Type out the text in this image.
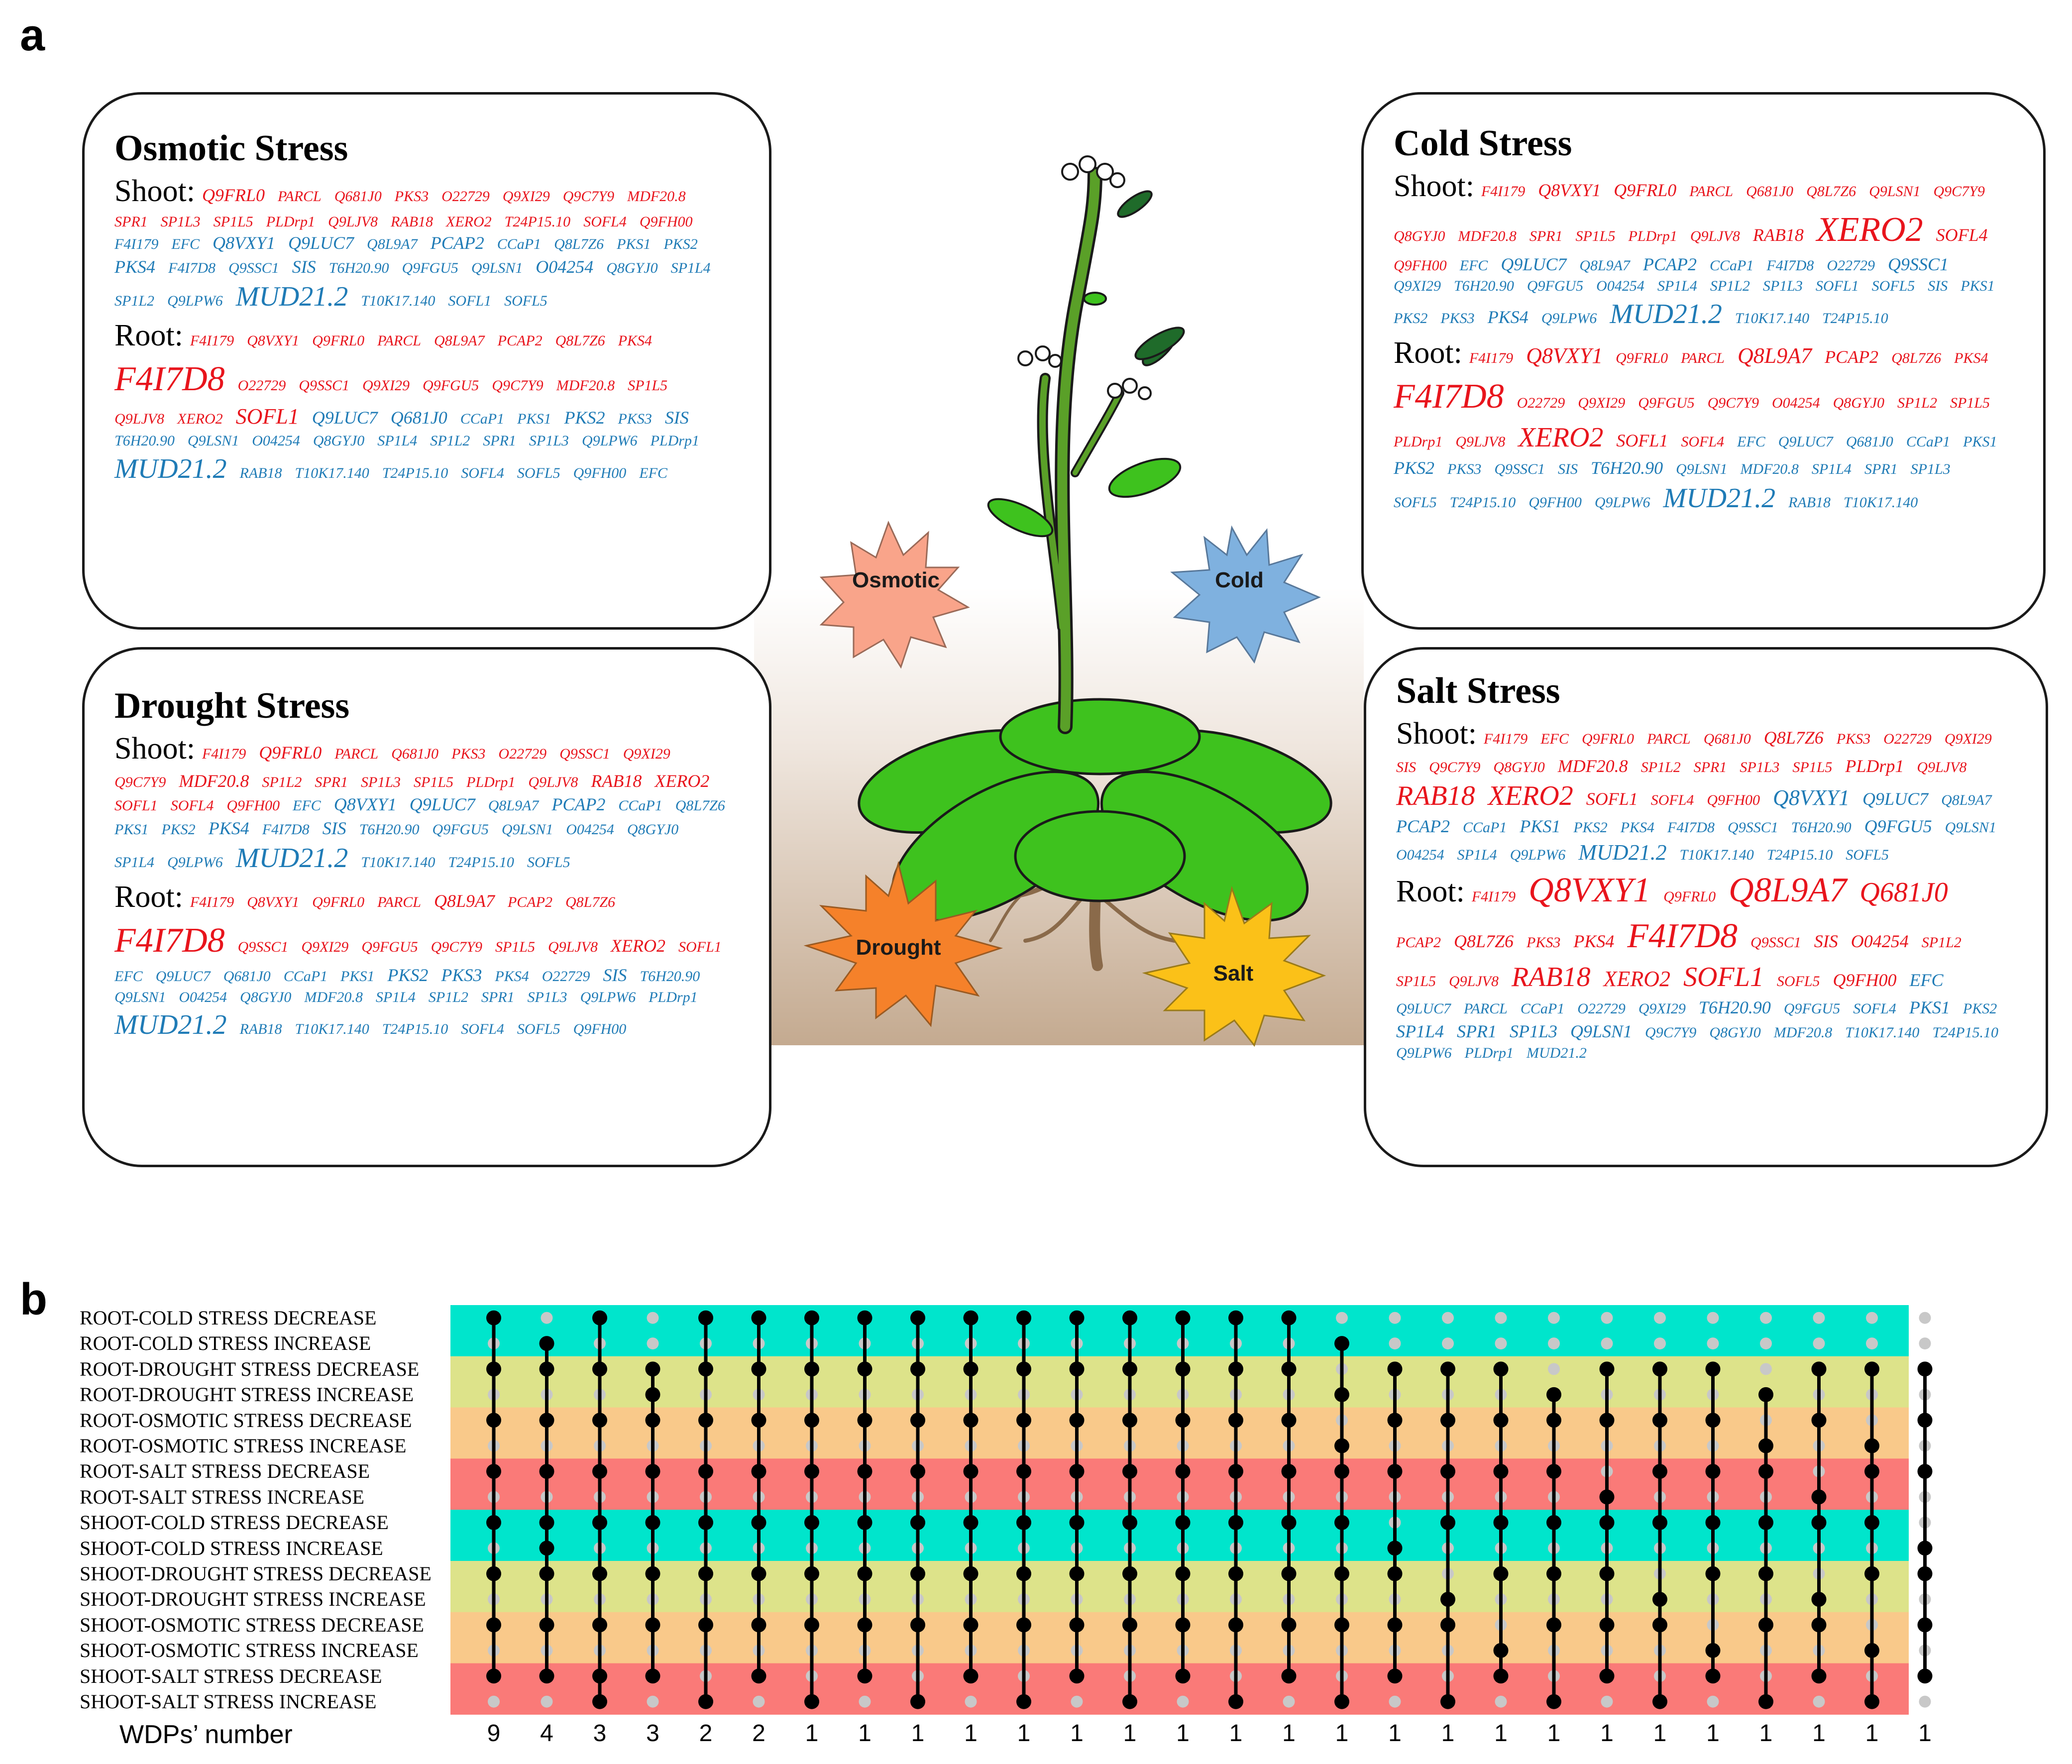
a
b
Osmotic	Cold
Drought
Salt
Osmotic Stress
Shoot: Q9FRL0 PARCL Q681J0 PKS3 O22729 Q9XI29 Q9C7Y9 MDF20.8 SPR1 SP1L3 SP1L5 PLDrp1 Q9LJV8 RAB18 XERO2 T24P15.10 SOFL4 Q9FH00 F4I179 EFC Q8VXY1 Q9LUC7 Q8L9A7 PCAP2 CCaP1 Q8L7Z6 PKS1 PKS2 PKS4 F4I7D8 Q9SSC1 SIS T6H20.90 Q9FGU5 Q9LSN1 O04254 Q8GYJ0 SP1L4 SP1L2 Q9LPW6 MUD21.2 T10K17.140 SOFL1 SOFL5
Root: F4I179 Q8VXY1 Q9FRL0 PARCL Q8L9A7 PCAP2 Q8L7Z6 PKS4 F4I7D8 O22729 Q9SSC1 Q9XI29 Q9FGU5 Q9C7Y9 MDF20.8 SP1L5 Q9LJV8 XERO2 SOFL1 Q9LUC7 Q681J0 CCaP1 PKS1 PKS2 PKS3 SIS T6H20.90 Q9LSN1 O04254 Q8GYJ0 SP1L4 SP1L2 SPR1 SP1L3 Q9LPW6 PLDrp1 MUD21.2 RAB18 T10K17.140 T24P15.10 SOFL4 SOFL5 Q9FH00 EFC
Drought Stress
Shoot: F4I179 Q9FRL0 PARCL Q681J0 PKS3 O22729 Q9SSC1 Q9XI29 Q9C7Y9 MDF20.8 SP1L2 SPR1 SP1L3 SP1L5 PLDrp1 Q9LJV8 RAB18 XERO2 SOFL1 SOFL4 Q9FH00 EFC Q8VXY1 Q9LUC7 Q8L9A7 PCAP2 CCaP1 Q8L7Z6 PKS1 PKS2 PKS4 F4I7D8 SIS T6H20.90 Q9FGU5 Q9LSN1 O04254 Q8GYJ0 SP1L4 Q9LPW6 MUD21.2 T10K17.140 T24P15.10 SOFL5
Root: F4I179 Q8VXY1 Q9FRL0 PARCL Q8L9A7 PCAP2 Q8L7Z6 F4I7D8 Q9SSC1 Q9XI29 Q9FGU5 Q9C7Y9 SP1L5 Q9LJV8 XERO2 SOFL1 EFC Q9LUC7 Q681J0 CCaP1 PKS1 PKS2 PKS3 PKS4 O22729 SIS T6H20.90 Q9LSN1 O04254 Q8GYJ0 MDF20.8 SP1L4 SP1L2 SPR1 SP1L3 Q9LPW6 PLDrp1 MUD21.2 RAB18 T10K17.140 T24P15.10 SOFL4 SOFL5 Q9FH00
Cold Stress
Shoot: F4I179 Q8VXY1 Q9FRL0 PARCL Q681J0 Q8L7Z6 Q9LSN1 Q9C7Y9 Q8GYJ0 MDF20.8 SPR1 SP1L5 PLDrp1 Q9LJV8 RAB18 XERO2 SOFL4 Q9FH00 EFC Q9LUC7 Q8L9A7 PCAP2 CCaP1 F4I7D8 O22729 Q9SSC1 Q9XI29 T6H20.90 Q9FGU5 O04254 SP1L4 SP1L2 SP1L3 SOFL1 SOFL5 SIS PKS1 PKS2 PKS3 PKS4 Q9LPW6 MUD21.2 T10K17.140 T24P15.10
Root: F4I179 Q8VXY1 Q9FRL0 PARCL Q8L9A7 PCAP2 Q8L7Z6 PKS4 F4I7D8 O22729 Q9XI29 Q9FGU5 Q9C7Y9 O04254 Q8GYJ0 SP1L2 SP1L5 PLDrp1 Q9LJV8 XERO2 SOFL1 SOFL4 EFC Q9LUC7 Q681J0 CCaP1 PKS1 PKS2 PKS3 Q9SSC1 SIS T6H20.90 Q9LSN1 MDF20.8 SP1L4 SPR1 SP1L3 SOFL5 T24P15.10 Q9FH00 Q9LPW6 MUD21.2 RAB18 T10K17.140
Salt Stress
Shoot: F4I179 EFC Q9FRL0 PARCL Q681J0 Q8L7Z6 PKS3 O22729 Q9XI29 SIS Q9C7Y9 Q8GYJ0 MDF20.8 SP1L2 SPR1 SP1L3 SP1L5 PLDrp1 Q9LJV8 RAB18 XERO2 SOFL1 SOFL4 Q9FH00 Q8VXY1 Q9LUC7 Q8L9A7 PCAP2 CCaP1 PKS1 PKS2 PKS4 F4I7D8 Q9SSC1 T6H20.90 Q9FGU5 Q9LSN1 O04254 SP1L4 Q9LPW6 MUD21.2 T10K17.140 T24P15.10 SOFL5
Root: F4I179 Q8VXY1 Q9FRL0 Q8L9A7 Q681J0 PCAP2 Q8L7Z6 PKS3 PKS4 F4I7D8 Q9SSC1 SIS O04254 SP1L2 SP1L5 Q9LJV8 RAB18 XERO2 SOFL1 SOFL5 Q9FH00 EFC Q9LUC7 PARCL CCaP1 O22729 Q9XI29 T6H20.90 Q9FGU5 SOFL4 PKS1 PKS2 SP1L4 SPR1 SP1L3 Q9LSN1 Q9C7Y9 Q8GYJ0 MDF20.8 T10K17.140 T24P15.10 Q9LPW6 PLDrp1 MUD21.2
ROOT-COLD STRESS DECREASE
ROOT-COLD STRESS INCREASE
ROOT-DROUGHT STRESS DECREASE
ROOT-DROUGHT STRESS INCREASE
ROOT-OSMOTIC STRESS DECREASE
ROOT-OSMOTIC STRESS INCREASE
ROOT-SALT STRESS DECREASE
ROOT-SALT STRESS INCREASE
SHOOT-COLD STRESS DECREASE
SHOOT-COLD STRESS INCREASE
SHOOT-DROUGHT STRESS DECREASE
SHOOT-DROUGHT STRESS INCREASE
SHOOT-OSMOTIC STRESS DECREASE
SHOOT-OSMOTIC STRESS INCREASE
SHOOT-SALT STRESS DECREASE
SHOOT-SALT STRESS INCREASE
WDPs’ number	9 4 3 3 2 2 1 1 1 1 1 1 1 1 1 1 1 1 1 1 1 1 1 1 1 1 1 1
